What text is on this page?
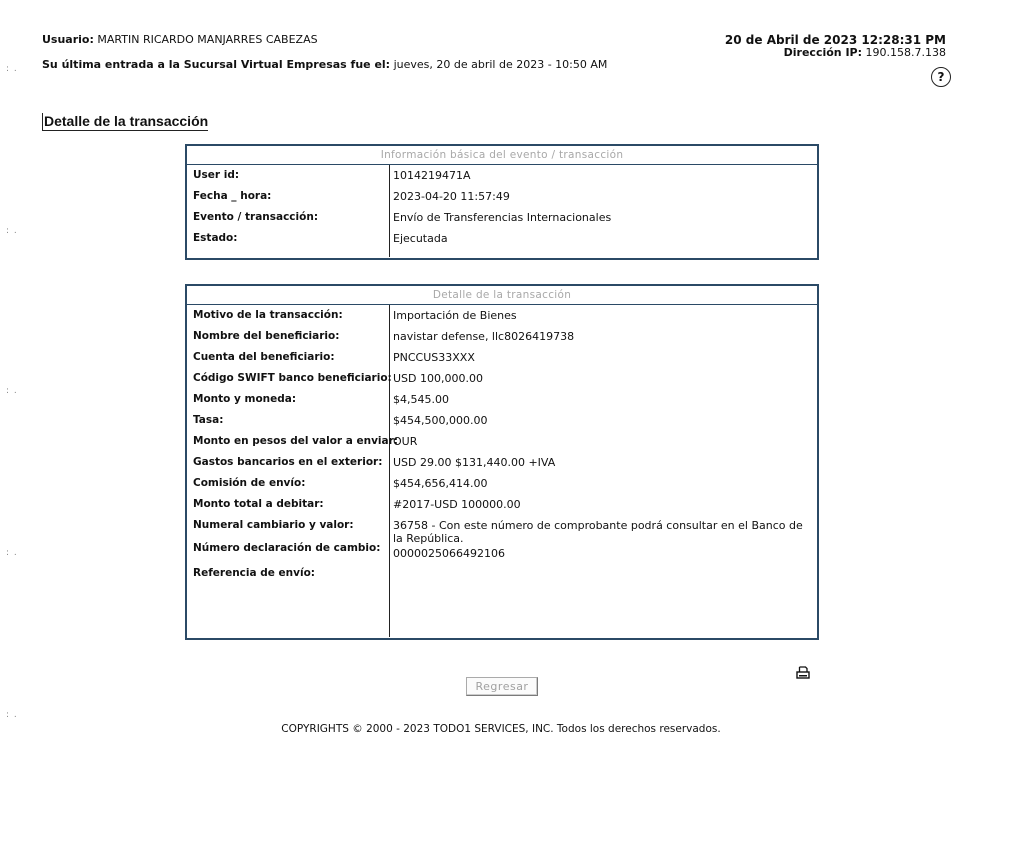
: .
: .
: .
: .
: .
Usuario: MARTIN RICARDO MANJARRES CABEZAS
Su última entrada a la Sucursal Virtual Empresas fue el: jueves, 20 de abril de 2023 - 10:50 AM
20 de Abril de 2023 12:28:31 PM
Dirección IP: 190.158.7.138
?
Detalle de la transacción
Información básica del evento / transacción
User id:	1014219471A
Fecha _ hora:	2023-04-20 11:57:49
Evento / transacción:	Envío de Transferencias Internacionales
Estado:	Ejecutada
Detalle de la transacción
Motivo de la transacción:	Importación de Bienes
Nombre del beneficiario:	navistar defense, llc8026419738
Cuenta del beneficiario:	PNCCUS33XXX
Código SWIFT banco beneficiario: USD 100,000.00
Monto y moneda:	$4,545.00
Tasa:	$454,500,000.00
Monto en pesos del valor a enviar:
OUR
Gastos bancarios en el exterior: USD 29.00 $131,440.00 +IVA
Comisión de envío:	$454,656,414.00
Monto total a debitar:	#2017-USD 100000.00
Numeral cambiario y valor:	36758 - Con este número de comprobante podrá consultar en el Banco de la República.
Número declaración de cambio: 0000025066492106
Referencia de envío:
Regresar
COPYRIGHTS © 2000 - 2023 TODO1 SERVICES, INC. Todos los derechos reservados.
